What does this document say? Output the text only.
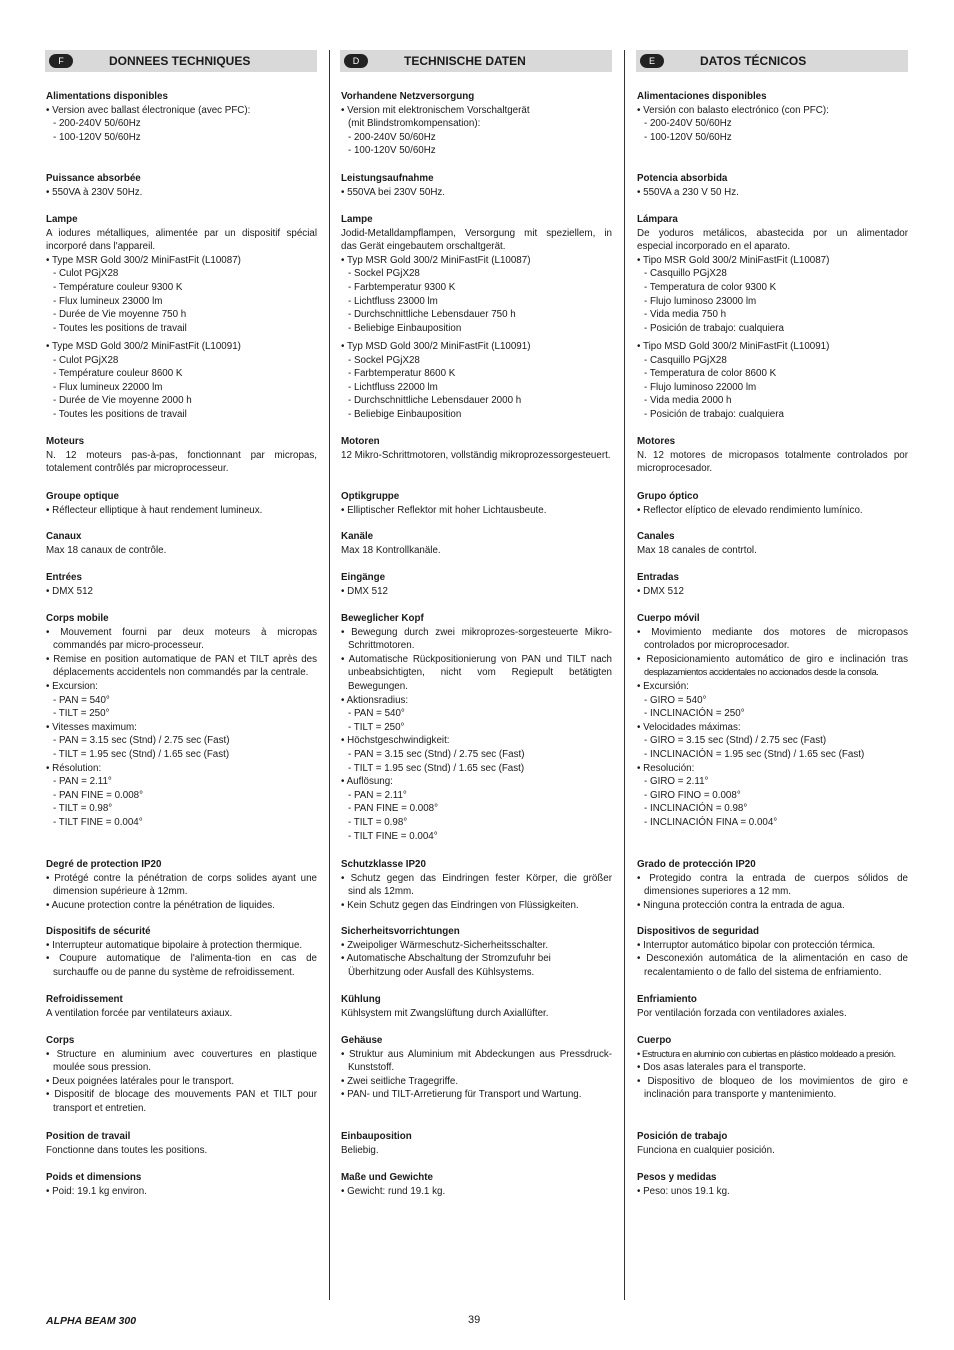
F	DONNEES TECHNIQUES
Alimentations disponibles
• Version avec ballast électronique (avec PFC):
- 200-240V 50/60Hz
- 100-120V 50/60Hz
Puissance absorbée
• 550VA à 230V 50Hz.
Lampe
A iodures métalliques, alimentée par un dispositif spécial
incorporé dans l'appareil.
• Type MSR Gold 300/2 MiniFastFit (L10087)
- Culot PGjX28
- Température couleur 9300 K
- Flux lumineux 23000 lm
- Durée de Vie moyenne 750 h
- Toutes les positions de travail
• Type MSD Gold 300/2 MiniFastFit (L10091)
- Culot PGjX28
- Température couleur 8600 K
- Flux lumineux 22000 lm
- Durée de Vie moyenne 2000 h
- Toutes les positions de travail
Moteurs
N. 12 moteurs pas-à-pas, fonctionnant par micropas,
totalement contrôlés par microprocesseur.
Groupe optique
• Réflecteur elliptique à haut rendement lumineux.
Canaux
Max 18 canaux de contrôle.
Entrées
• DMX 512
Corps mobile
• Mouvement fourni par deux moteurs à micropas
commandés par micro-processeur.
• Remise en position automatique de PAN et TILT après des
déplacements accidentels non commandés par la centrale.
• Excursion:
- PAN = 540°
- TILT = 250°
• Vitesses maximum:
- PAN = 3.15 sec (Stnd) / 2.75 sec (Fast)
- TILT = 1.95 sec (Stnd) / 1.65 sec (Fast)
• Résolution:
- PAN = 2.11°
- PAN FINE = 0.008°
- TILT = 0.98°
- TILT FINE = 0.004°
Degré de protection IP20
• Protégé contre la pénétration de corps solides ayant une
dimension supérieure à 12mm.
• Aucune protection contre la pénétration de liquides.
Dispositifs de sécurité
• Interrupteur automatique bipolaire à protection thermique.
• Coupure automatique de l'alimenta-tion en cas de
surchauffe ou de panne du système de refroidissement.
Refroidissement
A ventilation forcée par ventilateurs axiaux.
Corps
• Structure en aluminium avec couvertures en plastique
moulée sous pression.
• Deux poignées latérales pour le transport.
• Dispositif de blocage des mouvements PAN et TILT pour
transport et entretien.
Position de travail
Fonctionne dans toutes les positions.
Poids et dimensions
• Poid: 19.1 kg environ.
D	TECHNISCHE DATEN
Vorhandene Netzversorgung
• Version mit elektronischem Vorschaltgerät
(mit Blindstromkompensation):
- 200-240V 50/60Hz
- 100-120V 50/60Hz
Leistungsaufnahme
• 550VA bei 230V 50Hz.
Lampe
Jodid-Metalldampflampen, Versorgung mit speziellem, in
das Gerät eingebautem orschaltgerät.
• Typ MSR Gold 300/2 MiniFastFit (L10087)
- Sockel PGjX28
- Farbtemperatur 9300 K
- Lichtfluss 23000 lm
- Durchschnittliche Lebensdauer 750 h
- Beliebige Einbauposition
• Typ MSD Gold 300/2 MiniFastFit (L10091)
- Sockel PGjX28
- Farbtemperatur 8600 K
- Lichtfluss 22000 lm
- Durchschnittliche Lebensdauer 2000 h
- Beliebige Einbauposition
Motoren
12 Mikro-Schrittmotoren, vollständig mikroprozessorgesteuert.
Optikgruppe
• Elliptischer Reflektor mit hoher Lichtausbeute.
Kanäle
Max 18 Kontrollkanäle.
Eingänge
• DMX 512
Beweglicher Kopf
• Bewegung durch zwei mikroprozes-sorgesteuerte Mikro-
Schrittmotoren.
• Automatische Rückpositionierung von PAN und TILT nach
unbeabsichtigten, nicht vom Regiepult betätigten
Bewegungen.
• Aktionsradius:
- PAN = 540°
- TILT = 250°
• Höchstgeschwindigkeit:
- PAN = 3.15 sec (Stnd) / 2.75 sec (Fast)
- TILT = 1.95 sec (Stnd) / 1.65 sec (Fast)
• Auflösung:
- PAN = 2.11°
- PAN FINE = 0.008°
- TILT = 0.98°
- TILT FINE = 0.004°
Schutzklasse IP20
• Schutz gegen das Eindringen fester Körper, die größer
sind als 12mm.
• Kein Schutz gegen das Eindringen von Flüssigkeiten.
Sicherheitsvorrichtungen
• Zweipoliger Wärmeschutz-Sicherheitsschalter.
• Automatische Abschaltung der Stromzufuhr bei
Überhitzung oder Ausfall des Kühlsystems.
Kühlung
Kühlsystem mit Zwangslüftung durch Axiallüfter.
Gehäuse
• Struktur aus Aluminium mit Abdeckungen aus Pressdruck-
Kunststoff.
• Zwei seitliche Tragegriffe.
• PAN- und TILT-Arretierung für Transport und Wartung.
Einbauposition
Beliebig.
Maße und Gewichte
• Gewicht: rund 19.1 kg.
E	DATOS TÉCNICOS
Alimentaciones disponibles
• Versión con balasto electrónico (con PFC):
- 200-240V 50/60Hz
- 100-120V 50/60Hz
Potencia absorbida
• 550VA a 230 V 50 Hz.
Lámpara
De yoduros metálicos, abastecida por un alimentador
especial incorporado en el aparato.
• Tipo MSR Gold 300/2 MiniFastFit (L10087)
- Casquillo PGjX28
- Temperatura de color 9300 K
- Flujo luminoso 23000 lm
- Vida media 750 h
- Posición de trabajo: cualquiera
• Tipo MSD Gold 300/2 MiniFastFit (L10091)
- Casquillo PGjX28
- Temperatura de color 8600 K
- Flujo luminoso 22000 lm
- Vida media 2000 h
- Posición de trabajo: cualquiera
Motores
N. 12 motores de micropasos totalmente controlados por
microprocesador.
Grupo óptico
• Reflector elíptico de elevado rendimiento lumínico.
Canales
Max 18 canales de contrtol.
Entradas
• DMX 512
Cuerpo móvil
• Movimiento mediante dos motores de micropasos
controlados por microprocesador.
• Reposicionamiento automático de giro e inclinación tras
desplazamientos accidentales no accionados desde la consola.
• Excursión:
- GIRO = 540°
- INCLINACIÓN = 250°
• Velocidades máximas:
- GIRO = 3.15 sec (Stnd) / 2.75 sec (Fast)
- INCLINACIÓN = 1.95 sec (Stnd) / 1.65 sec (Fast)
• Resolución:
- GIRO = 2.11°
- GIRO FINO = 0.008°
- INCLINACIÓN = 0.98°
- INCLINACIÓN FINA = 0.004°
Grado de protección IP20
• Protegido contra la entrada de cuerpos sólidos de
dimensiones superiores a 12 mm.
• Ninguna protección contra la entrada de agua.
Dispositivos de seguridad
• Interruptor automático bipolar con protección térmica.
• Desconexión automática de la alimentación en caso de
recalentamiento o de fallo del sistema de enfriamiento.
Enfriamiento
Por ventilación forzada con ventiladores axiales.
Cuerpo
• Estructura en aluminio con cubiertas en plástico moldeado a presión.
• Dos asas laterales para el transporte.
• Dispositivo de bloqueo de los movimientos de giro e
inclinación para transporte y mantenimiento.
Posición de trabajo
Funciona en cualquier posición.
Pesos y medidas
• Peso: unos 19.1 kg.
ALPHA BEAM 300	39
